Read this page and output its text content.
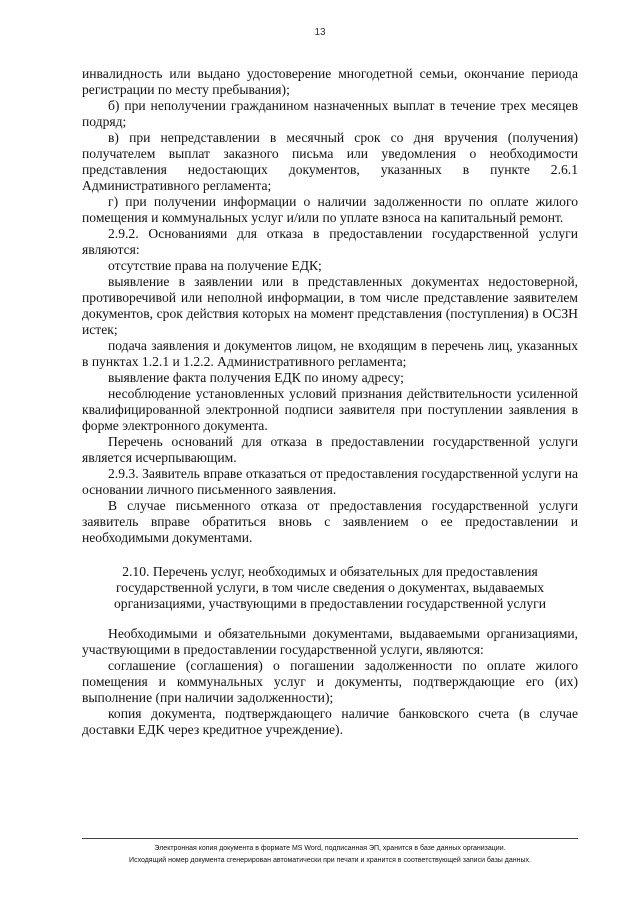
13

инвалидность или выдано удостоверение многодетной семьи, окончание периода регистрации по месту пребывания);

б) при неполучении гражданином назначенных выплат в течение трех месяцев подряд;

в) при непредставлении в месячный срок со дня вручения (получения) получателем выплат заказного письма или уведомления о необходимости представления недостающих документов, указанных в пункте 2.6.1 Административного регламента;

г) при получении информации о наличии задолженности по оплате жилого помещения и коммунальных услуг и/или по уплате взноса на капитальный ремонт.

2.9.2. Основаниями для отказа в предоставлении государственной услуги являются:

отсутствие права на получение ЕДК;

выявление в заявлении или в представленных документах недостоверной, противоречивой или неполной информации, в том числе представление заявителем документов, срок действия которых на момент представления (поступления) в ОСЗН истек;

подача заявления и документов лицом, не входящим в перечень лиц, указанных в пунктах 1.2.1 и 1.2.2. Административного регламента;

выявление факта получения ЕДК по иному адресу;

несоблюдение установленных условий признания действительности усиленной квалифицированной электронной подписи заявителя при поступлении заявления в форме электронного документа.

Перечень оснований для отказа в предоставлении государственной услуги является исчерпывающим.

2.9.3. Заявитель вправе отказаться от предоставления государственной услуги на основании личного письменного заявления.

В случае письменного отказа от предоставления государственной услуги заявитель вправе обратиться вновь с заявлением о ее предоставлении и необходимыми документами.

2.10. Перечень услуг, необходимых и обязательных для предоставления государственной услуги, в том числе сведения о документах, выдаваемых организациями, участвующими в предоставлении государственной услуги

Необходимыми и обязательными документами, выдаваемыми организациями, участвующими в предоставлении государственной услуги, являются:

соглашение (соглашения) о погашении задолженности по оплате жилого помещения и коммунальных услуг и документы, подтверждающие его (их) выполнение (при наличии задолженности);

копия документа, подтверждающего наличие банковского счета (в случае доставки ЕДК через кредитное учреждение).

Электронная копия документа в формате MS Word, подписанная ЭП, хранится в базе данных организации.
Исходящий номер документа сгенерирован автоматически при печати и хранится в соответствующей записи базы данных.
